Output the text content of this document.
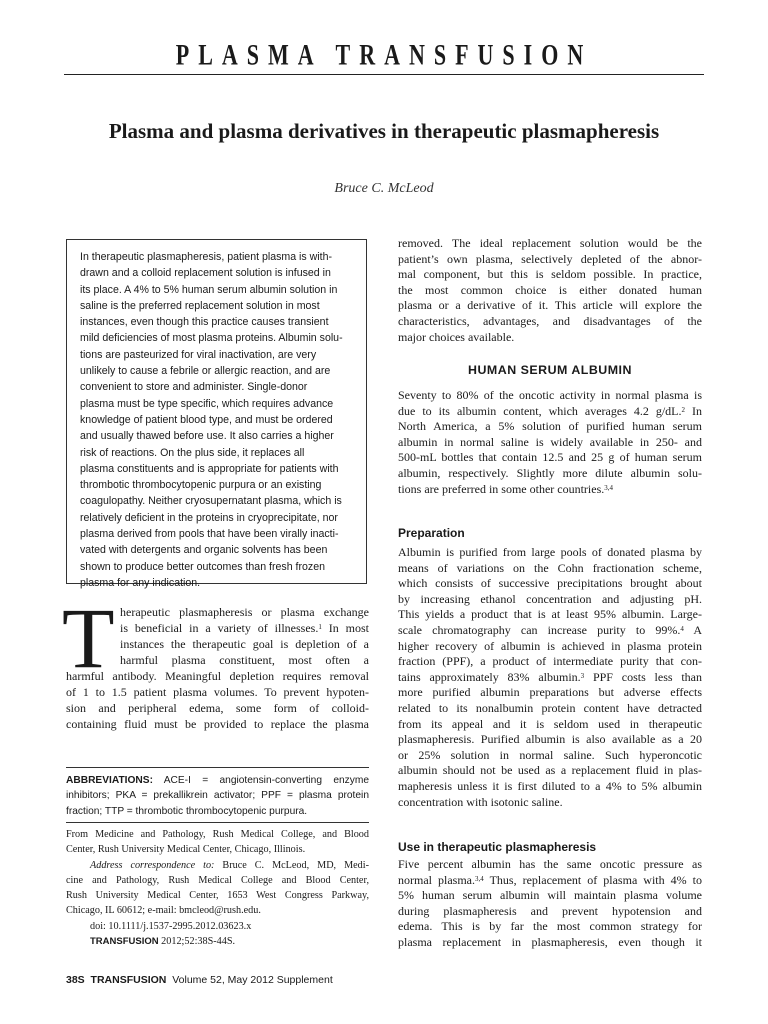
PLASMA TRANSFUSION
Plasma and plasma derivatives in therapeutic plasmapheresis
Bruce C. McLeod
In therapeutic plasmapheresis, patient plasma is with-
drawn and a colloid replacement solution is infused in
its place. A 4% to 5% human serum albumin solution in
saline is the preferred replacement solution in most
instances, even though this practice causes transient
mild deficiencies of most plasma proteins. Albumin solu-
tions are pasteurized for viral inactivation, are very
unlikely to cause a febrile or allergic reaction, and are
convenient to store and administer. Single-donor
plasma must be type specific, which requires advance
knowledge of patient blood type, and must be ordered
and usually thawed before use. It also carries a higher
risk of reactions. On the plus side, it replaces all
plasma constituents and is appropriate for patients with
thrombotic thrombocytopenic purpura or an existing
coagulopathy. Neither cryosupernatant plasma, which is
relatively deficient in the proteins in cryoprecipitate, nor
plasma derived from pools that have been virally inacti-
vated with detergents and organic solvents has been
shown to produce better outcomes than fresh frozen
plasma for any indication.
T herapeutic plasmapheresis or plasma exchange
is beneficial in a variety of illnesses.$^1$ In most
instances the therapeutic goal is depletion of a
harmful plasma constituent, most often a
harmful antibody. Meaningful depletion requires removal
of 1 to 1.5 patient plasma volumes. To prevent hypoten-
sion and peripheral edema, some form of colloid-
containing fluid must be provided to replace the plasma
ABBREVIATIONS: ACE-I = angiotensin-converting enzyme
inhibitors; PKA = prekallikrein activator; PPF = plasma protein
fraction; TTP = thrombotic thrombocytopenic purpura.
From Medicine and Pathology, Rush Medical College, and Blood
Center, Rush University Medical Center, Chicago, Illinois.
Address correspondence to: Bruce C. McLeod, MD, Medi-
cine and Pathology, Rush Medical College and Blood Center,
Rush University Medical Center, 1653 West Congress Parkway,
Chicago, IL 60612; e-mail: bmcleod@rush.edu.
doi: 10.1111/j.1537-2995.2012.03623.x
TRANSFUSION 2012;52:38S-44S.
38S TRANSFUSION Volume 52, May 2012 Supplement
removed. The ideal replacement solution would be the
patient’s own plasma, selectively depleted of the abnor-
mal component, but this is seldom possible. In practice,
the most common choice is either donated human
plasma or a derivative of it. This article will explore the
characteristics, advantages, and disadvantages of the
major choices available.
HUMAN SERUM ALBUMIN
Seventy to 80% of the oncotic activity in normal plasma is
due to its albumin content, which averages 4.2 g/dL.$^2$ In
North America, a 5% solution of purified human serum
albumin in normal saline is widely available in 250- and
500-mL bottles that contain 12.5 and 25 g of human serum
albumin, respectively. Slightly more dilute albumin solu-
tions are preferred in some other countries.$^{3,4}$
Preparation
Albumin is purified from large pools of donated plasma by
means of variations on the Cohn fractionation scheme,
which consists of successive precipitations brought about
by increasing ethanol concentration and adjusting pH.
This yields a product that is at least 95% albumin. Large-
scale chromatography can increase purity to 99%.$^4$ A
higher recovery of albumin is achieved in plasma protein
fraction (PPF), a product of intermediate purity that con-
tains approximately 83% albumin.$^3$ PPF costs less than
more purified albumin preparations but adverse effects
related to its nonalbumin protein content have detracted
from its appeal and it is seldom used in therapeutic
plasmapheresis. Purified albumin is also available as a 20
or 25% solution in normal saline. Such hyperoncotic
albumin should not be used as a replacement fluid in plas-
mapheresis unless it is first diluted to a 4% to 5% albumin
concentration with isotonic saline.
Use in therapeutic plasmapheresis
Five percent albumin has the same oncotic pressure as
normal plasma.$^{3,4}$ Thus, replacement of plasma with 4% to
5% human serum albumin will maintain plasma volume
during plasmapheresis and prevent hypotension and
edema. This is by far the most common strategy for
plasma replacement in plasmapheresis, even though it
